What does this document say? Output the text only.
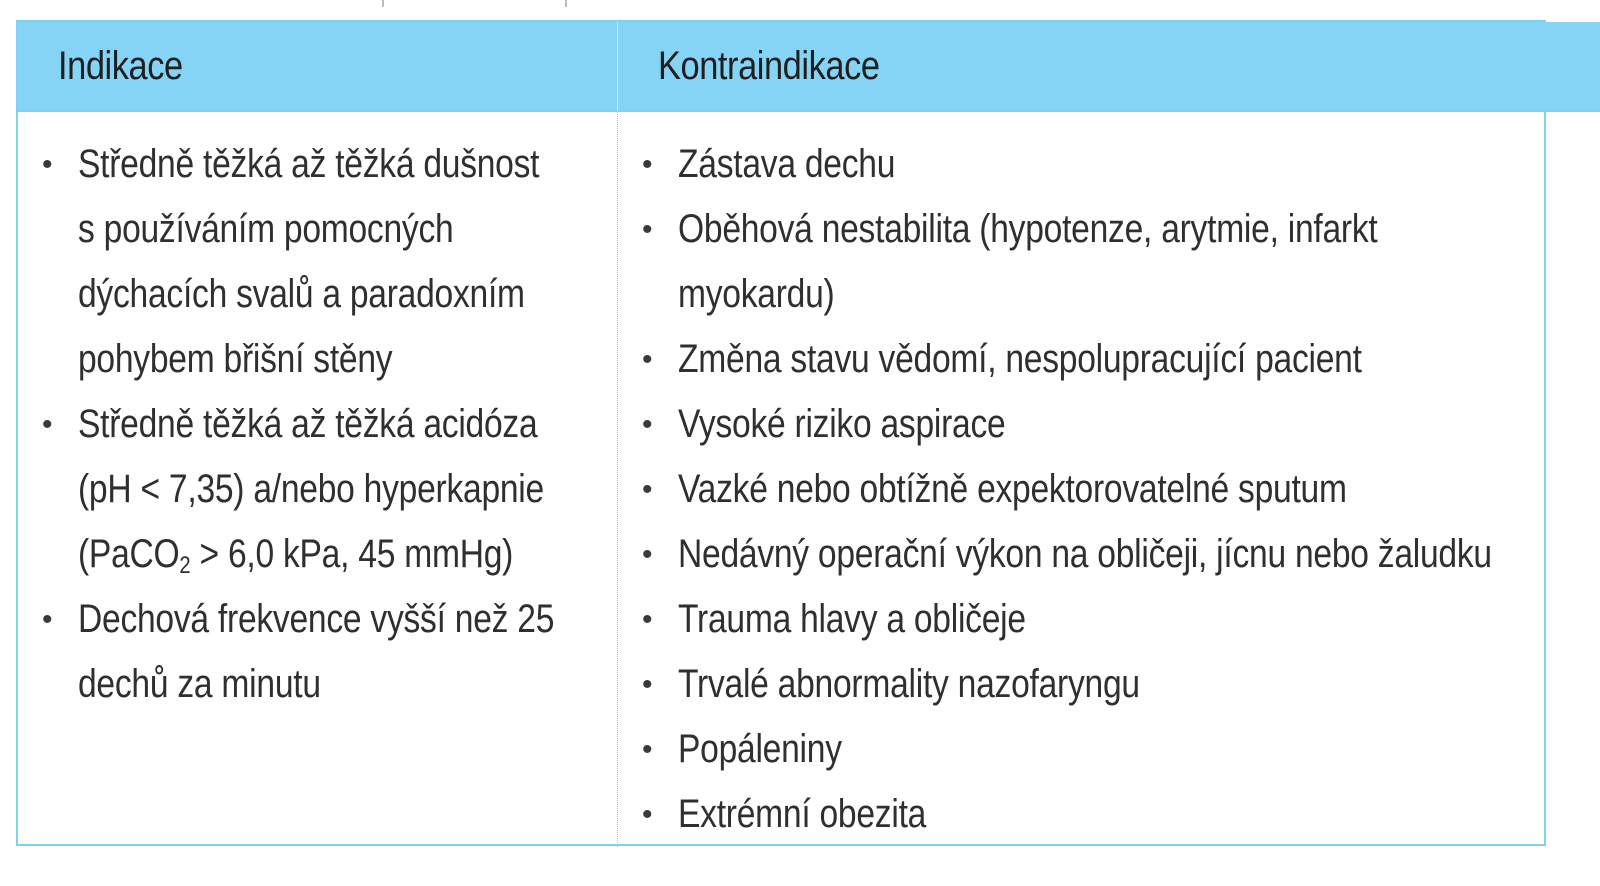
Indikace	Kontraindikace
• Středně těžká až těžká dušnost
s používáním pomocných
dýchacích svalů a paradoxním
pohybem břišní stěny
• Středně těžká až těžká acidóza
(pH < 7,35) a/nebo hyperkapnie
(PaCO$_2$ > 6,0 kPa, 45 mmHg)
• Dechová frekvence vyšší než 25
dechů za minutu
• Zástava dechu
• Oběhová nestabilita (hypotenze, arytmie, infarkt
myokardu)
• Změna stavu vědomí, nespolupracující pacient
• Vysoké riziko aspirace
• Vazké nebo obtížně expektorovatelné sputum
• Nedávný operační výkon na obličeji, jícnu nebo žaludku
• Trauma hlavy a obličeje
• Trvalé abnormality nazofaryngu
• Popáleniny
• Extrémní obezita
